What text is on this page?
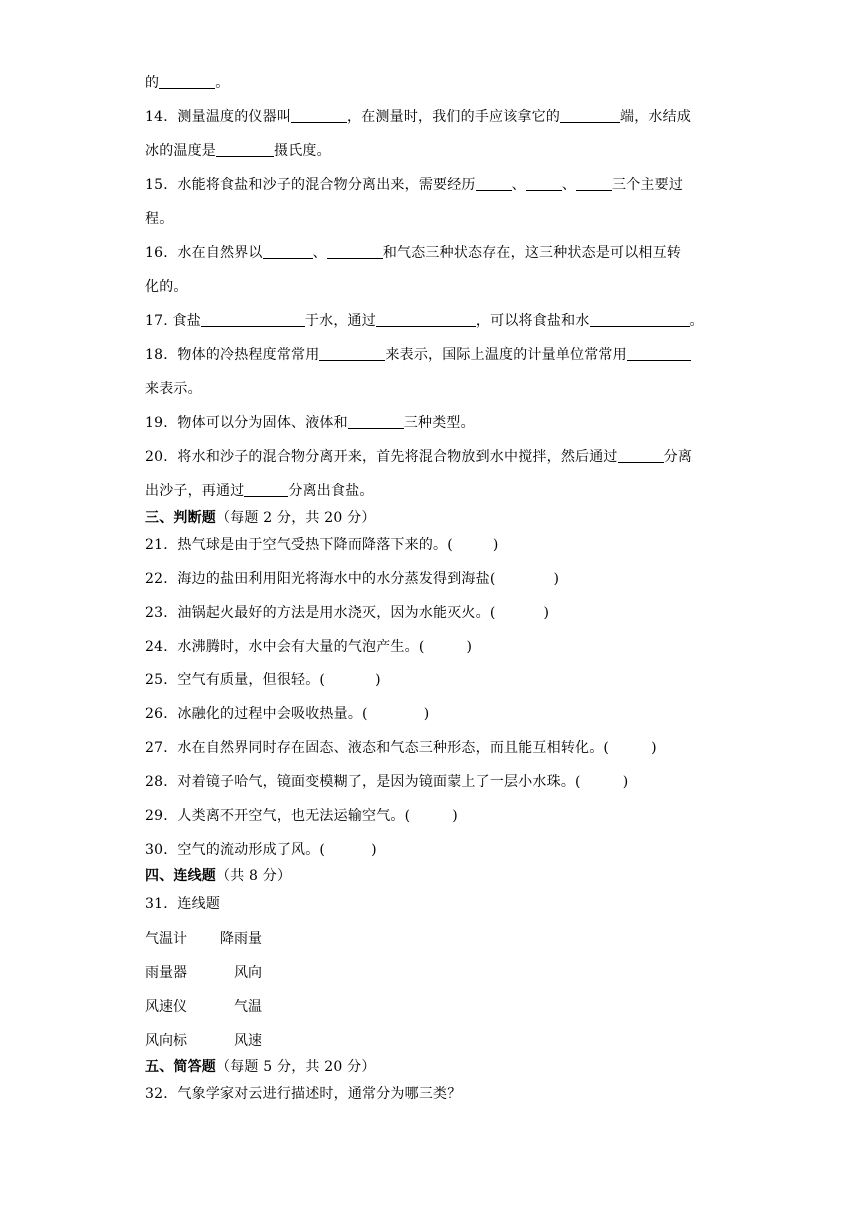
的	。
14．测量温度的仪器叫	，在测量时，我们的手应该拿它的	端，水结成
冰的温度是	摄氏度。
15．水能将食盐和沙子的混合物分离出来，需要经历	、	、	三个主要过
程。
16．水在自然界以	、	和气态三种状态存在，这三种状态是可以相互转
化的。
17. 食盐	于水，通过	，可以将食盐和水	。
18．物体的冷热程度常常用	来表示，国际上温度的计量单位常常用
来表示。
19．物体可以分为固体、液体和	三种类型。
20．将水和沙子的混合物分离开来，首先将混合物放到水中搅拌，然后通过	分离
出沙子，再通过	分离出食盐。
三、判断题（每题 2 分，共 20 分）
21．热气球是由于空气受热下降而降落下来的。(	)
22．海边的盐田利用阳光将海水中的水分蒸发得到海盐(	)
23．油锅起火最好的方法是用水浇灭，因为水能灭火。(	)
24．水沸腾时，水中会有大量的气泡产生。(	)
25．空气有质量，但很轻。(	)
26．冰融化的过程中会吸收热量。(	)
27．水在自然界同时存在固态、液态和气态三种形态，而且能互相转化。(	)
28．对着镜子哈气，镜面变模糊了，是因为镜面蒙上了一层小水珠。(	)
29．人类离不开空气，也无法运输空气。(	)
30．空气的流动形成了风。(	)
四、连线题（共 8 分）
31．连线题
气温计 降雨量
雨量器	风向
风速仪	气温
风向标	风速
五、简答题（每题 5 分，共 20 分）
32．气象学家对云进行描述时，通常分为哪三类？
